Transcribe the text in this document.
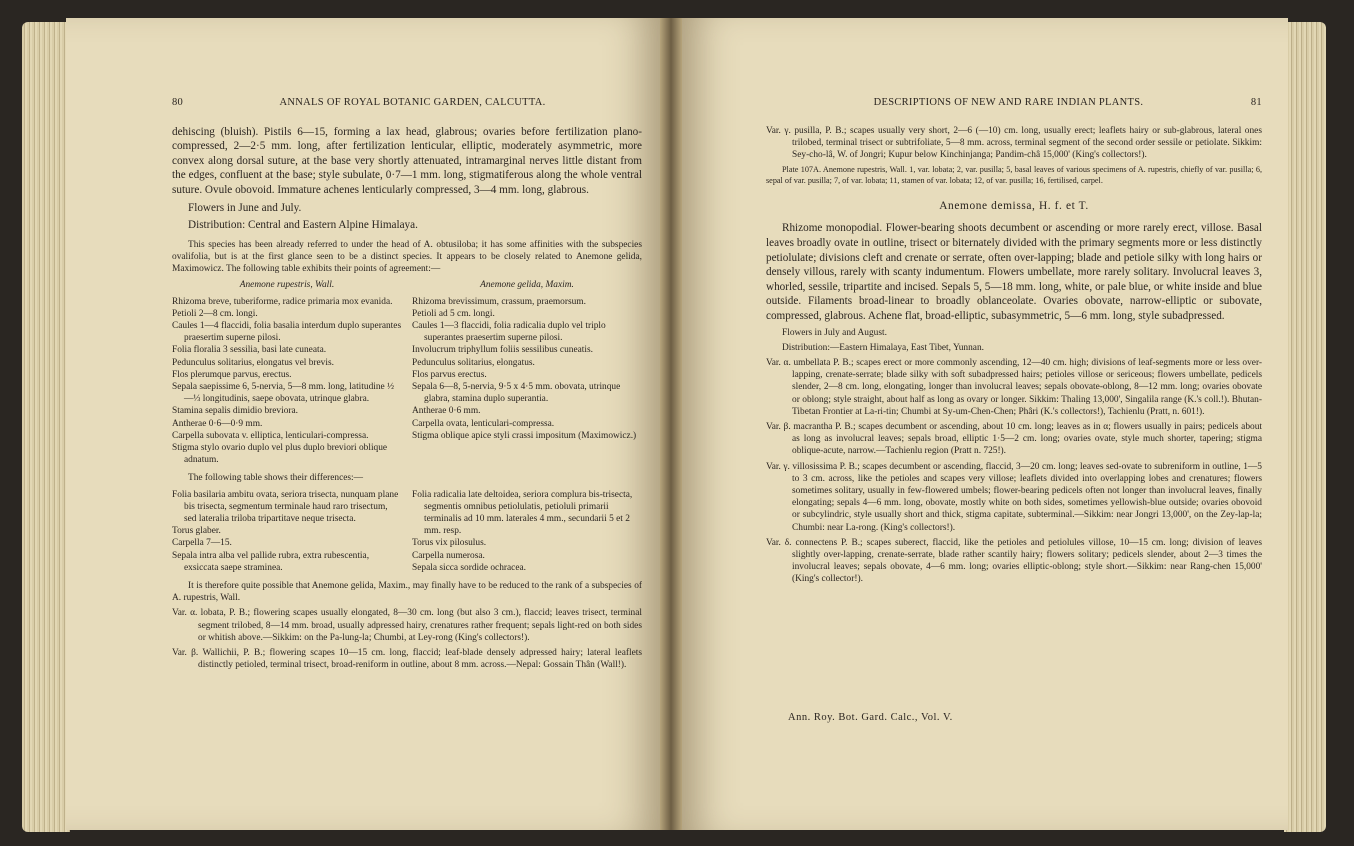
80	ANNALS OF ROYAL BOTANIC GARDEN, CALCUTTA.

dehiscing (bluish). Pistils 6—15, forming a lax head, glabrous; ovaries before fertilization plano-compressed, 2—2·5 mm. long, after fertilization lenticular, elliptic, moderately asymmetric, more convex along dorsal suture, at the base very shortly attenuated, intramarginal nerves little distant from the edges, confluent at the base; style subulate, 0·7—1 mm. long, stigmatiferous along the whole ventral suture. Ovule obovoid. Immature achenes lenticularly compressed, 3—4 mm. long, glabrous.

Flowers in June and July.

Distribution: Central and Eastern Alpine Himalaya.

This species has been already referred to under the head of A. obtusiloba; it has some affinities with the subspecies ovalifolia, but is at the first glance seen to be a distinct species. It appears to be closely related to Anemone gelida, Maximowicz. The following table exhibits their points of agreement:—

Anemone rupestris, Wall.

Rhizoma breve, tuberiforme, radice primaria mox evanida.

Petioli 2—8 cm. longi.

Caules 1—4 flaccidi, folia basalia interdum duplo superantes praesertim superne pilosi.

Folia floralia 3 sessilia, basi late cuneata.

Pedunculus solitarius, elongatus vel brevis.

Flos plerumque parvus, erectus.

Sepala saepissime 6, 5-nervia, 5—8 mm. long, latitudine ½—⅓ longitudinis, saepe obovata, utrinque glabra.

Stamina sepalis dimidio breviora.

Antherae 0·6—0·9 mm.

Carpella subovata v. elliptica, lenticulari-compressa.

Stigma stylo ovario duplo vel plus duplo breviori oblique adnatum.

Anemone gelida, Maxim.

Rhizoma brevissimum, crassum, praemorsum.

Petioli ad 5 cm. longi.

Caules 1—3 flaccidi, folia radicalia duplo vel triplo superantes praesertim superne pilosi.

Involucrum triphyllum foliis sessilibus cuneatis.

Pedunculus solitarius, elongatus.

Flos parvus erectus.

Sepala 6—8, 5-nervia, 9·5 x 4·5 mm. obovata, utrinque glabra, stamina duplo superantia.

Antherae 0·6 mm.

Carpella ovata, lenticulari-compressa.

Stigma oblique apice styli crassi impositum (Maximowicz.)

The following table shows their differences:—

Folia basilaria ambitu ovata, seriora trisecta, nunquam plane bis trisecta, segmentum terminale haud raro trisectum, sed lateralia triloba tripartitave neque trisecta.

Torus glaber.

Carpella 7—15.

Sepala intra alba vel pallide rubra, extra rubescentia, exsiccata saepe straminea.

Folia radicalia late deltoidea, seriora complura bis-trisecta, segmentis omnibus petiolulatis, petioluli primarii terminalis ad 10 mm. laterales 4 mm., secundarii 5 et 2 mm. resp.

Torus vix pilosulus.

Carpella numerosa.

Sepala sicca sordide ochracea.

It is therefore quite possible that Anemone gelida, Maxim., may finally have to be reduced to the rank of a subspecies of A. rupestris, Wall.

Var. α. lobata, P. B.; flowering scapes usually elongated, 8—30 cm. long (but also 3 cm.), flaccid; leaves trisect, terminal segment trilobed, 8—14 mm. broad, usually adpressed hairy, crenatures rather frequent; sepals light-red on both sides or whitish above.—Sikkim: on the Pa-lung-la; Chumbi, at Ley-rong (King's collectors!).
Var. β. Wallichii, P. B.; flowering scapes 10—15 cm. long, flaccid; leaf-blade densely adpressed hairy; lateral leaflets distinctly petioled, terminal trisect, broad-reniform in outline, about 8 mm. across.—Nepal: Gossain Thân (Wall!).
DESCRIPTIONS OF NEW AND RARE INDIAN PLANTS.	81
Var. γ. pusilla, P. B.; scapes usually very short, 2—6 (—10) cm. long, usually erect; leaflets hairy or sub-glabrous, lateral ones trilobed, terminal trisect or subtrifoliate, 5—8 mm. across, terminal segment of the second order sessile or petiolate. Sikkim: Sey-cho-lâ, W. of Jongri; Kupur below Kinchinjanga; Pandim-châ 15,000' (King's collectors!).

Plate 107A. Anemone rupestris, Wall. 1, var. lobata; 2, var. pusilla; 5, basal leaves of various specimens of A. rupestris, chiefly of var. pusilla; 6, sepal of var. pusilla; 7, of var. lobata; 11, stamen of var. lobata; 12, of var. pusilla; 16, fertilised, carpel.

Anemone demissa, H. f. et T.

Rhizome monopodial. Flower-bearing shoots decumbent or ascending or more rarely erect, villose. Basal leaves broadly ovate in outline, trisect or biternately divided with the primary segments more or less distinctly petiolulate; divisions cleft and crenate or serrate, often over-lapping; blade and petiole silky with long hairs or densely villous, rarely with scanty indumentum. Flowers umbellate, more rarely solitary. Involucral leaves 3, whorled, sessile, tripartite and incised. Sepals 5, 5—18 mm. long, white, or pale blue, or white inside and blue outside. Filaments broad-linear to broadly oblanceolate. Ovaries obovate, narrow-elliptic or subovate, compressed, glabrous. Achene flat, broad-elliptic, subasymmetric, 5—6 mm. long, style subadpressed.

Flowers in July and August.

Distribution:—Eastern Himalaya, East Tibet, Yunnan.

Var. α. umbellata P. B.; scapes erect or more commonly ascending, 12—40 cm. high; divisions of leaf-segments more or less over-lapping, crenate-serrate; blade silky with soft subadpressed hairs; petioles villose or sericeous; flowers umbellate, pedicels slender, 2—8 cm. long, elongating, longer than involucral leaves; sepals obovate-oblong, 8—12 mm. long; ovaries obovate or oblong; style straight, about half as long as ovary or longer. Sikkim: Thaling 13,000', Singalila range (K.'s coll.!). Bhutan-Tibetan Frontier at La-ri-tin; Chumbi at Sy-um-Chen-Chen; Phâri (K.'s collectors!), Tachienlu (Pratt, n. 601!).
Var. β. macrantha P. B.; scapes decumbent or ascending, about 10 cm. long; leaves as in α; flowers usually in pairs; pedicels about as long as involucral leaves; sepals broad, elliptic 1·5—2 cm. long; ovaries ovate, style much shorter, tapering; stigma oblique-acute, narrow.—Tachienlu region (Pratt n. 725!).
Var. γ. villosissima P. B.; scapes decumbent or ascending, flaccid, 3—20 cm. long; leaves sed-ovate to subreniform in outline, 1—5 to 3 cm. across, like the petioles and scapes very villose; leaflets divided into overlapping lobes and crenatures; flowers sometimes solitary, usually in few-flowered umbels; flower-bearing pedicels often not longer than involucral leaves, finally elongating; sepals 4—6 mm. long, obovate, mostly white on both sides, sometimes yellowish-blue outside; ovaries obovoid or subcylindric, style usually short and thick, stigma capitate, subterminal.—Sikkim: near Jongri 13,000', on the Zey-lap-la; Chumbi: near La-rong. (King's collectors!).
Var. δ. connectens P. B.; scapes suberect, flaccid, like the petioles and petiolules villose, 10—15 cm. long; division of leaves slightly over-lapping, crenate-serrate, blade rather scantily hairy; flowers solitary; pedicels slender, about 2—3 times the involucral leaves; sepals obovate, 4—6 mm. long; ovaries elliptic-oblong; style short.—Sikkim: near Rang-chen 15,000' (King's collector!).
Ann. Roy. Bot. Gard. Calc., Vol. V.
